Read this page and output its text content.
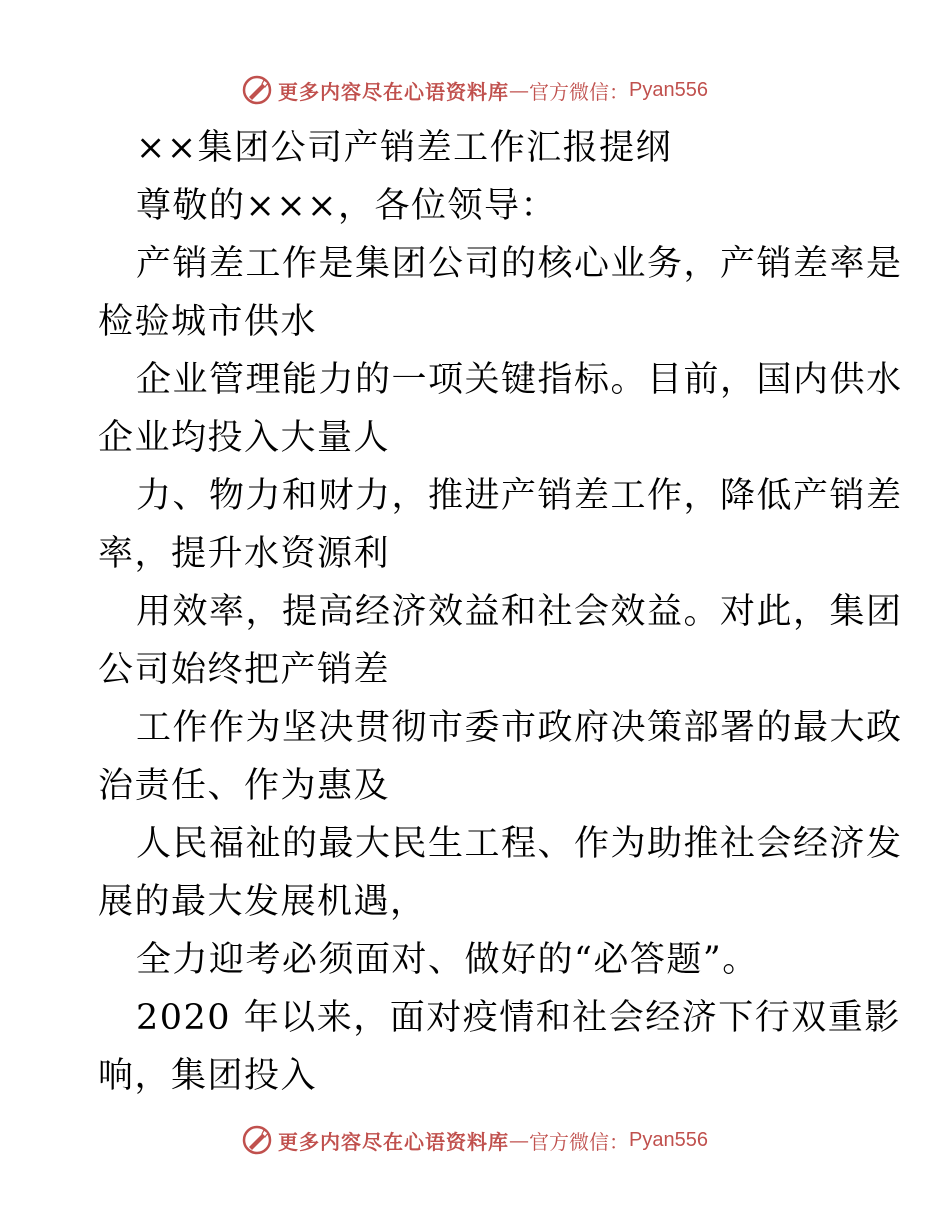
更多内容尽在心语资料库 — 官方微信： Pyan556
××集团公司产销差工作汇报提纲
尊敬的×××，各位领导：
产销差工作是集团公司的核心业务，产销差率是
检验城市供水
企业管理能力的一项关键指标。目前，国内供水
企业均投入大量人
力、物力和财力，推进产销差工作，降低产销差
率，提升水资源利
用效率，提高经济效益和社会效益。对此，集团
公司始终把产销差
工作作为坚决贯彻市委市政府决策部署的最大政
治责任、作为惠及
人民福祉的最大民生工程、作为助推社会经济发
展的最大发展机遇，
全力迎考必须面对、做好的“必答题”。
2020 年以来，面对疫情和社会经济下行双重影
响，集团投入
更多内容尽在心语资料库 — 官方微信： Pyan556
